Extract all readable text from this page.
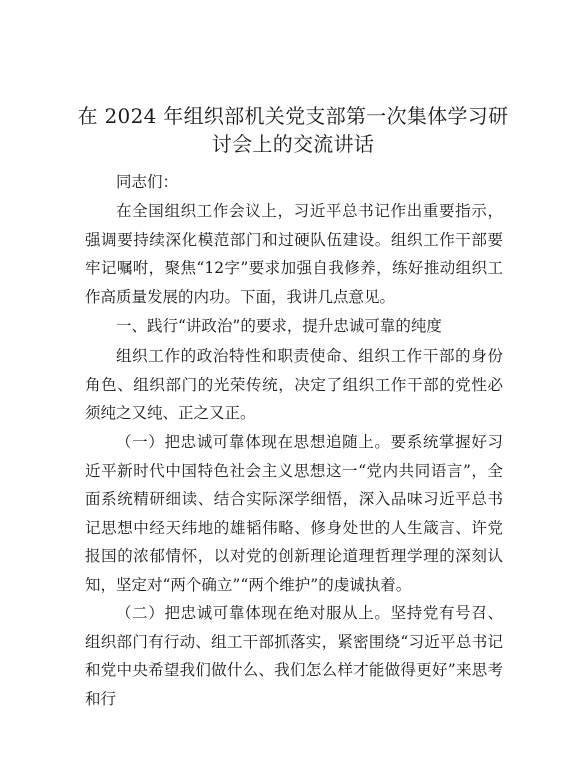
在 2024 年组织部机关党支部第一次集体学习研讨会上的交流讲话

同志们：

在全国组织工作会议上，习近平总书记作出重要指示，强调要持续深化模范部门和过硬队伍建设。组织工作干部要牢记嘱咐，聚焦“12字”要求加强自我修养，练好推动组织工作高质量发展的内功。下面，我讲几点意见。

一、践行“讲政治”的要求，提升忠诚可靠的纯度

组织工作的政治特性和职责使命、组织工作干部的身份角色、组织部门的光荣传统，决定了组织工作干部的党性必须纯之又纯、正之又正。

（一）把忠诚可靠体现在思想追随上。要系统掌握好习近平新时代中国特色社会主义思想这一“党内共同语言”，全面系统精研细读、结合实际深学细悟，深入品味习近平总书记思想中经天纬地的雄韬伟略、修身处世的人生箴言、许党报国的浓郁情怀，以对党的创新理论道理哲理学理的深刻认知，坚定对“两个确立”“两个维护”的虔诚执着。

（二）把忠诚可靠体现在绝对服从上。坚持党有号召、组织部门有行动、组工干部抓落实，紧密围绕“习近平总书记和党中央希望我们做什么、我们怎么样才能做得更好”来思考和行
